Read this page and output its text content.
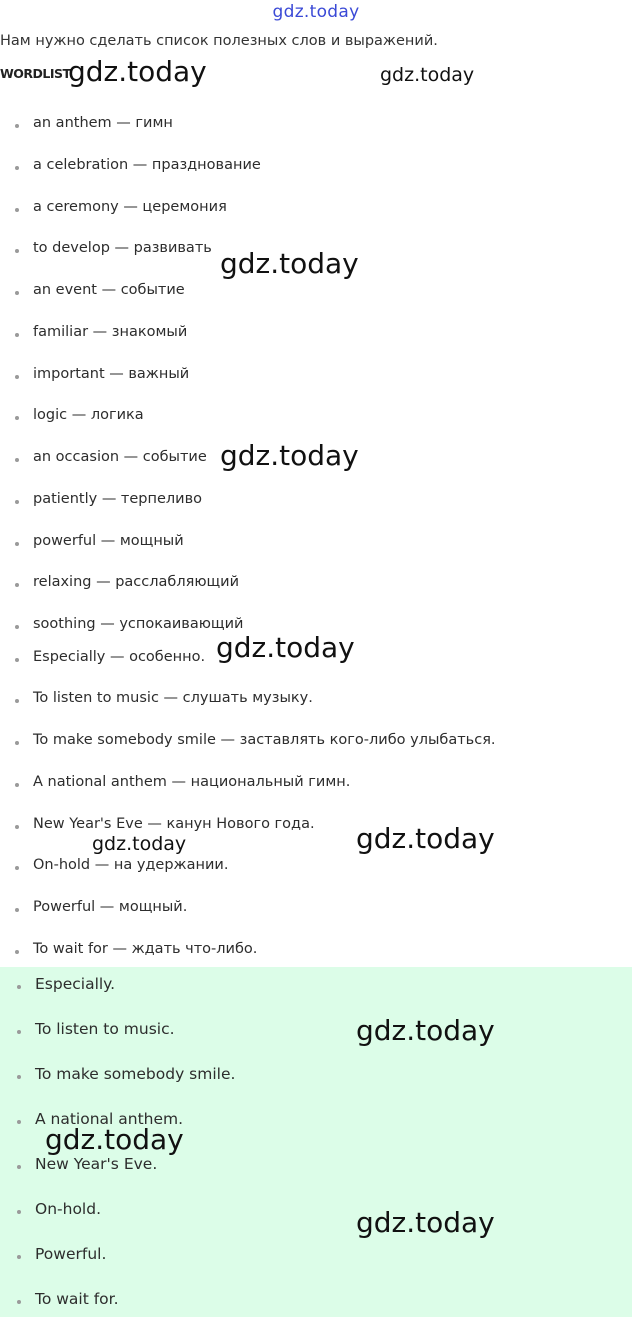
gdz.today
Нам нужно сделать список полезных слов и выражений.
WORDLIST
an anthem — гимн
a celebration — празднование
a ceremony — церемония
to develop — развивать
an event — событие
familiar — знакомый
important — важный
logic — логика
an occasion — событие
patiently — терпеливо
powerful — мощный
relaxing — расслабляющий
soothing — успокаивающий
Especially — особенно.
To listen to music — слушать музыку.
To make somebody smile — заставлять кого-либо улыбаться.
A national anthem — национальный гимн.
New Year's Eve — канун Нового года.
On-hold — на удержании.
Powerful — мощный.
To wait for — ждать что-либо.
Especially.
To listen to music.
To make somebody smile.
A national anthem.
New Year's Eve.
On-hold.
Powerful.
To wait for.
gdz.today	gdz.today
gdz.today
gdz.today
gdz.today
gdz.today	gdz.today
gdz.today
gdz.today
gdz.today
